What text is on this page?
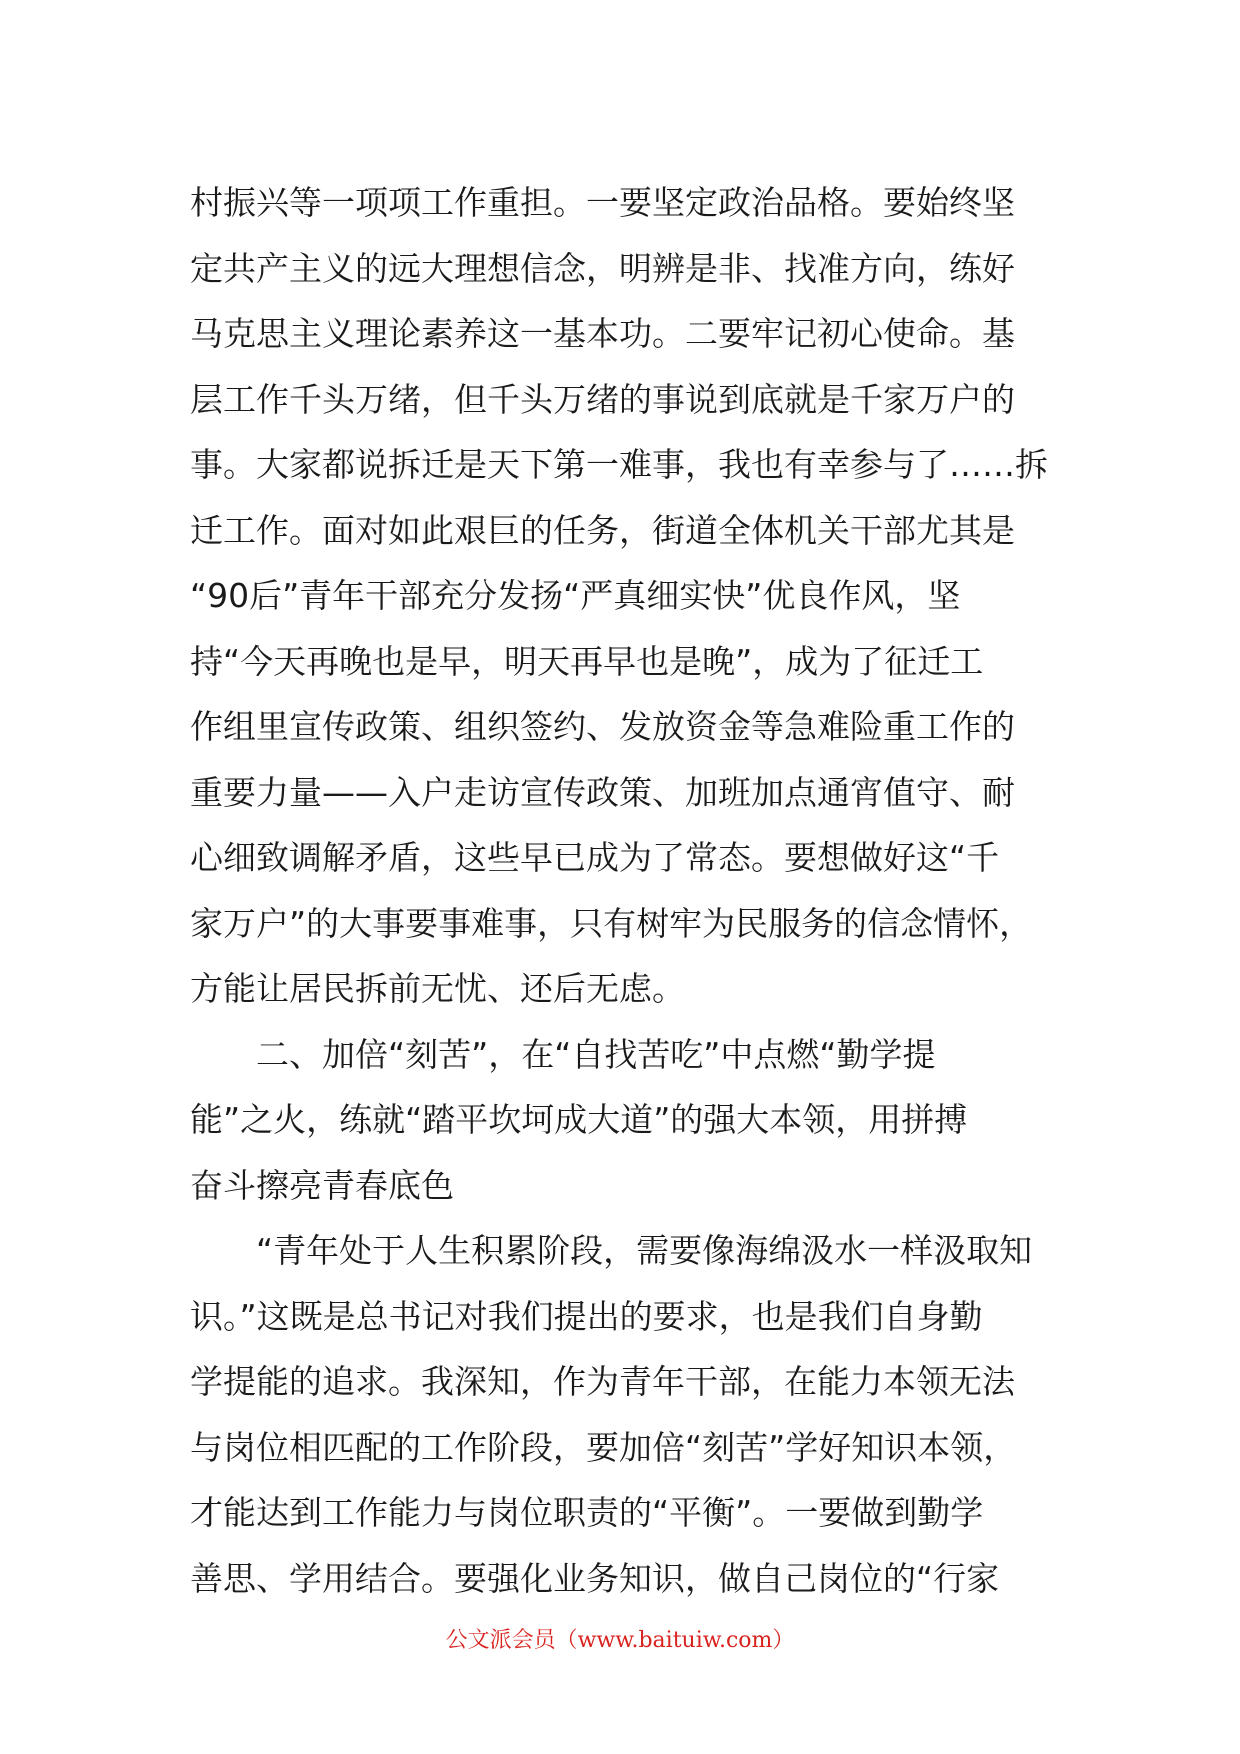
村振兴等一项项工作重担。一要坚定政治品格。要始终坚
定共产主义的远大理想信念，明辨是非、找准方向，练好
马克思主义理论素养这一基本功。二要牢记初心使命。基
层工作千头万绪，但千头万绪的事说到底就是千家万户的
事。大家都说拆迁是天下第一难事，我也有幸参与了……拆
迁工作。面对如此艰巨的任务，街道全体机关干部尤其是
“90后”青年干部充分发扬“严真细实快”优良作风，坚
持“今天再晚也是早，明天再早也是晚”，成为了征迁工
作组里宣传政策、组织签约、发放资金等急难险重工作的
重要力量——入户走访宣传政策、加班加点通宵值守、耐
心细致调解矛盾，这些早已成为了常态。要想做好这“千
家万户”的大事要事难事，只有树牢为民服务的信念情怀，
方能让居民拆前无忧、还后无虑。
二、加倍“刻苦”，在“自找苦吃”中点燃“勤学提
能”之火，练就“踏平坎坷成大道”的强大本领，用拼搏
奋斗擦亮青春底色
“青年处于人生积累阶段，需要像海绵汲水一样汲取知
识。”这既是总书记对我们提出的要求，也是我们自身勤
学提能的追求。我深知，作为青年干部，在能力本领无法
与岗位相匹配的工作阶段，要加倍“刻苦”学好知识本领，
才能达到工作能力与岗位职责的“平衡”。一要做到勤学
善思、学用结合。要强化业务知识，做自己岗位的“行家
公文派会员（www.baituiw.com）
